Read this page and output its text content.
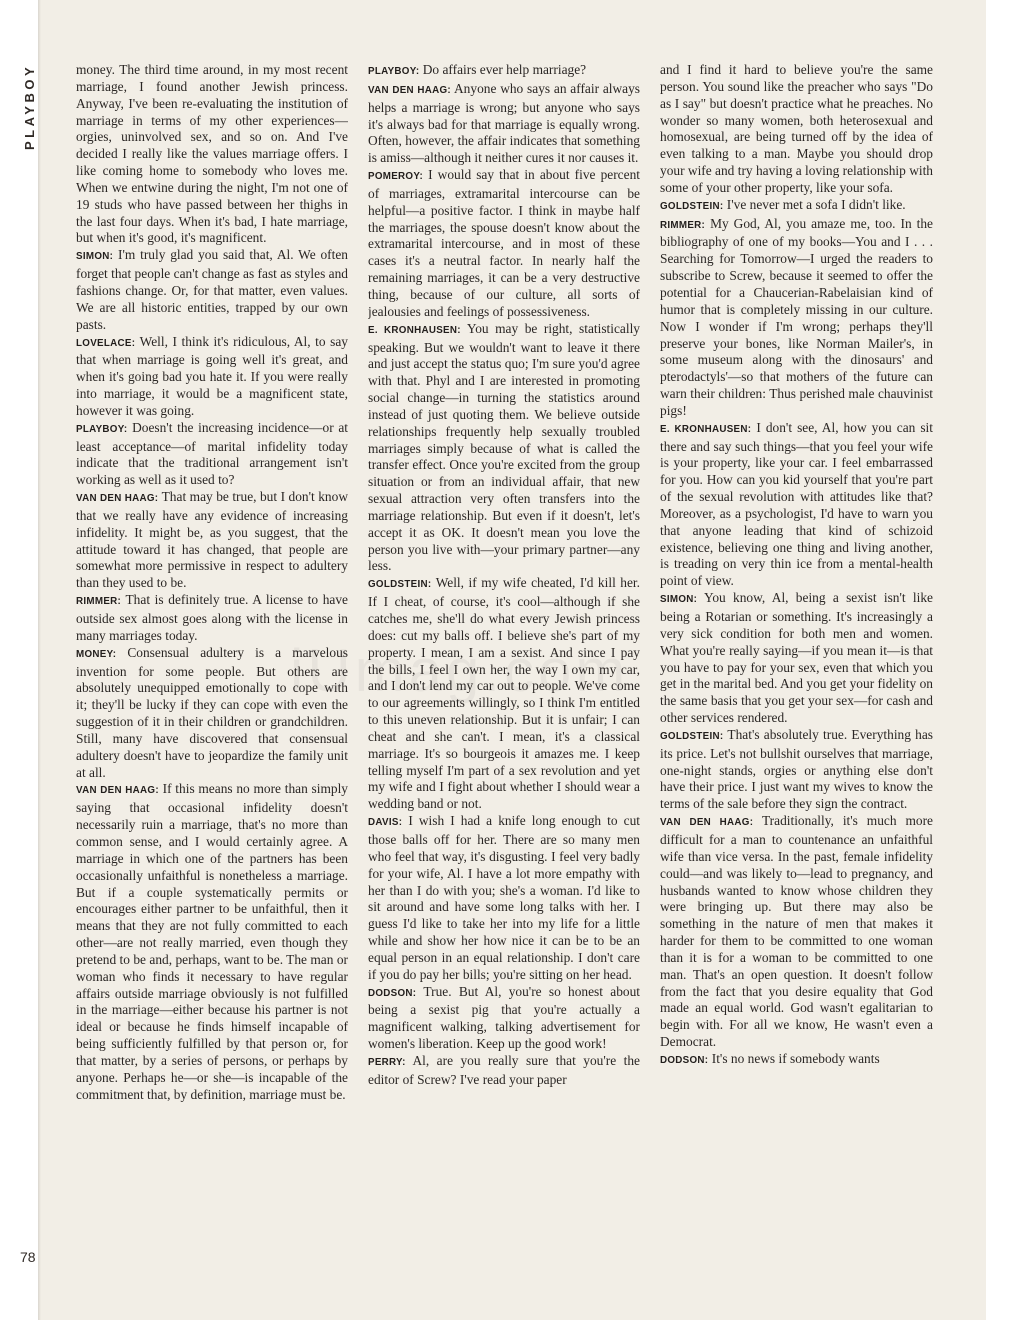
PLAYBOY
78

money. The third time around, in my most recent marriage, I found another Jewish princess. Anyway, I've been re-evaluating the institution of marriage in terms of my other experiences—orgies, uninvolved sex, and so on. And I've decided I really like the values marriage offers. I like coming home to somebody who loves me. When we entwine during the night, I'm not one of 19 studs who have passed between her thighs in the last four days. When it's bad, I hate marriage, but when it's good, it's magnificent.

SIMON: I'm truly glad you said that, Al. We often forget that people can't change as fast as styles and fashions change. Or, for that matter, even values. We are all historic entities, trapped by our own pasts.

LOVELACE: Well, I think it's ridiculous, Al, to say that when marriage is going well it's great, and when it's going bad you hate it. If you were really into marriage, it would be a magnificent state, however it was going.

PLAYBOY: Doesn't the increasing incidence—or at least acceptance—of marital infidelity today indicate that the traditional arrangement isn't working as well as it used to?

VAN DEN HAAG: That may be true, but I don't know that we really have any evidence of increasing infidelity. It might be, as you suggest, that the attitude toward it has changed, that people are somewhat more permissive in respect to adultery than they used to be.

RIMMER: That is definitely true. A license to have outside sex almost goes along with the license in many marriages today.

MONEY: Consensual adultery is a marvelous invention for some people. But others are absolutely unequipped emotionally to cope with it; they'll be lucky if they can cope with even the suggestion of it in their children or grandchildren. Still, many have discovered that consensual adultery doesn't have to jeopardize the family unit at all.

VAN DEN HAAG: If this means no more than simply saying that occasional infidelity doesn't necessarily ruin a marriage, that's no more than common sense, and I would certainly agree. A marriage in which one of the partners has been occasionally unfaithful is nonetheless a marriage. But if a couple systematically permits or encourages either partner to be unfaithful, then it means that they are not fully committed to each other—are not really married, even though they pretend to be and, perhaps, want to be. The man or woman who finds it necessary to have regular affairs outside marriage obviously is not fulfilled in the marriage—either because his partner is not ideal or because he finds himself incapable of being sufficiently fulfilled by that person or, for that matter, by a series of persons, or perhaps by anyone. Perhaps he—or she—is incapable of the commitment that, by definition, marriage must be.

PLAYBOY: Do affairs ever help marriage?

VAN DEN HAAG: Anyone who says an affair always helps a marriage is wrong; but anyone who says it's always bad for that marriage is equally wrong. Often, however, the affair indicates that something is amiss—although it neither cures it nor causes it.

POMEROY: I would say that in about five percent of marriages, extramarital intercourse can be helpful—a positive factor. I think in maybe half the marriages, the spouse doesn't know about the extramarital intercourse, and in most of these cases it's a neutral factor. In nearly half the remaining marriages, it can be a very destructive thing, because of our culture, all sorts of jealousies and feelings of possessiveness.

E. KRONHAUSEN: You may be right, statistically speaking. But we wouldn't want to leave it there and just accept the status quo; I'm sure you'd agree with that. Phyl and I are interested in promoting social change—in turning the statistics around instead of just quoting them. We believe outside relationships frequently help sexually troubled marriages simply because of what is called the transfer effect. Once you're excited from the group situation or from an individual affair, that new sexual attraction very often transfers into the marriage relationship. But even if it doesn't, let's accept it as OK. It doesn't mean you love the person you live with—your primary partner—any less.

GOLDSTEIN: Well, if my wife cheated, I'd kill her. If I cheat, of course, it's cool—although if she catches me, she'll do what every Jewish princess does: cut my balls off. I believe she's part of my property. I mean, I am a sexist. And since I pay the bills, I feel I own her, the way I own my car, and I don't lend my car out to people. We've come to our agreements willingly, so I think I'm entitled to this uneven relationship. But it is unfair; I can cheat and she can't. I mean, it's a classical marriage. It's so bourgeois it amazes me. I keep telling myself I'm part of a sex revolution and yet my wife and I fight about whether I should wear a wedding band or not.

DAVIS: I wish I had a knife long enough to cut those balls off for her. There are so many men who feel that way, it's disgusting. I feel very badly for your wife, Al. I have a lot more empathy with her than I do with you; she's a woman. I'd like to sit around and have some long talks with her. I guess I'd like to take her into my life for a little while and show her how nice it can be to be an equal person in an equal relationship. I don't care if you do pay her bills; you're sitting on her head.

DODSON: True. But Al, you're so honest about being a sexist pig that you're actually a magnificent walking, talking advertisement for women's liberation. Keep up the good work!

PERRY: Al, are you really sure that you're the editor of Screw? I've read your paper

and I find it hard to believe you're the same person. You sound like the preacher who says "Do as I say" but doesn't practice what he preaches. No wonder so many women, both heterosexual and homosexual, are being turned off by the idea of even talking to a man. Maybe you should drop your wife and try having a loving relationship with some of your other property, like your sofa.

GOLDSTEIN: I've never met a sofa I didn't like.

RIMMER: My God, Al, you amaze me, too. In the bibliography of one of my books—You and I . . . Searching for Tomorrow—I urged the readers to subscribe to Screw, because it seemed to offer the potential for a Chaucerian-Rabelaisian kind of humor that is completely missing in our culture. Now I wonder if I'm wrong; perhaps they'll preserve your bones, like Norman Mailer's, in some museum along with the dinosaurs' and pterodactyls'—so that mothers of the future can warn their children: Thus perished male chauvinist pigs!

E. KRONHAUSEN: I don't see, Al, how you can sit there and say such things—that you feel your wife is your property, like your car. I feel embarrassed for you. How can you kid yourself that you're part of the sexual revolution with attitudes like that? Moreover, as a psychologist, I'd have to warn you that anyone leading that kind of schizoid existence, believing one thing and living another, is treading on very thin ice from a mental-health point of view.

SIMON: You know, Al, being a sexist isn't like being a Rotarian or something. It's increasingly a very sick condition for both men and women. What you're really saying—if you mean it—is that you have to pay for your sex, even that which you get in the marital bed. And you get your fidelity on the same basis that you get your sex—for cash and other services rendered.

GOLDSTEIN: That's absolutely true. Everything has its price. Let's not bullshit ourselves that marriage, one-night stands, orgies or anything else don't have their price. I just want my wives to know the terms of the sale before they sign the contract.

VAN DEN HAAG: Traditionally, it's much more difficult for a man to countenance an unfaithful wife than vice versa. In the past, female infidelity could—and was likely to—lead to pregnancy, and husbands wanted to know whose children they were bringing up. But there may also be something in the nature of men that makes it harder for them to be committed to one woman than it is for a woman to be committed to one man. That's an open question. It doesn't follow from the fact that you desire equality that God made an equal world. God wasn't egalitarian to begin with. For all we know, He wasn't even a Democrat.

DODSON: It's no news if somebody wants
